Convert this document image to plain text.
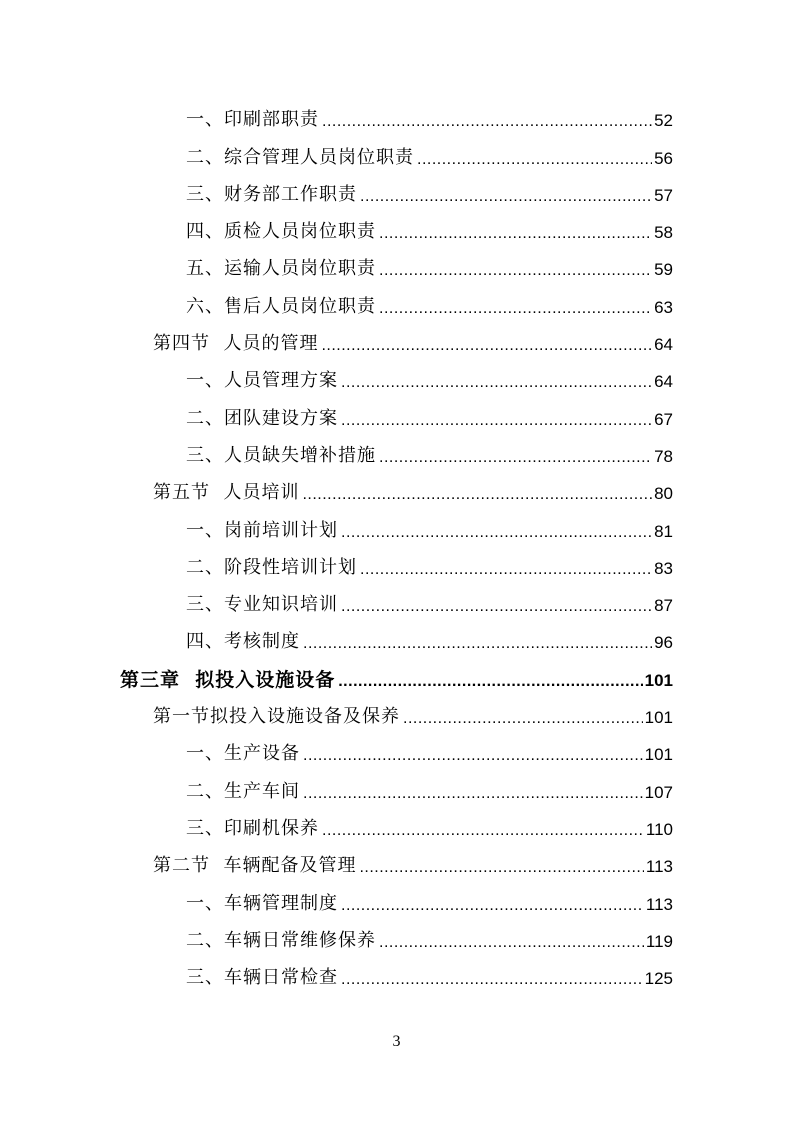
一、印刷部职责 .....	52
二、综合管理人员岗位职责 .....	56
三、财务部工作职责 .....	57
四、质检人员岗位职责 .....	58
五、运输人员岗位职责 .....	59
六、售后人员岗位职责 .....	63
第四节  人员的管理 .....	64
一、人员管理方案 .....	64
二、团队建设方案 .....	67
三、人员缺失增补措施 .....	78
第五节  人员培训 .....	80
一、岗前培训计划 .....	81
二、阶段性培训计划 .....	83
三、专业知识培训 .....	87
四、考核制度 .....	96
第三章  拟投入设施设备 .....	101
第一节拟投入设施设备及保养 .....	101
一、生产设备 .....	101
二、生产车间 .....	107
三、印刷机保养 .....	110
第二节  车辆配备及管理 .....	113
一、车辆管理制度 .....	113
二、车辆日常维修保养 .....	119
三、车辆日常检查 .....	125
3
